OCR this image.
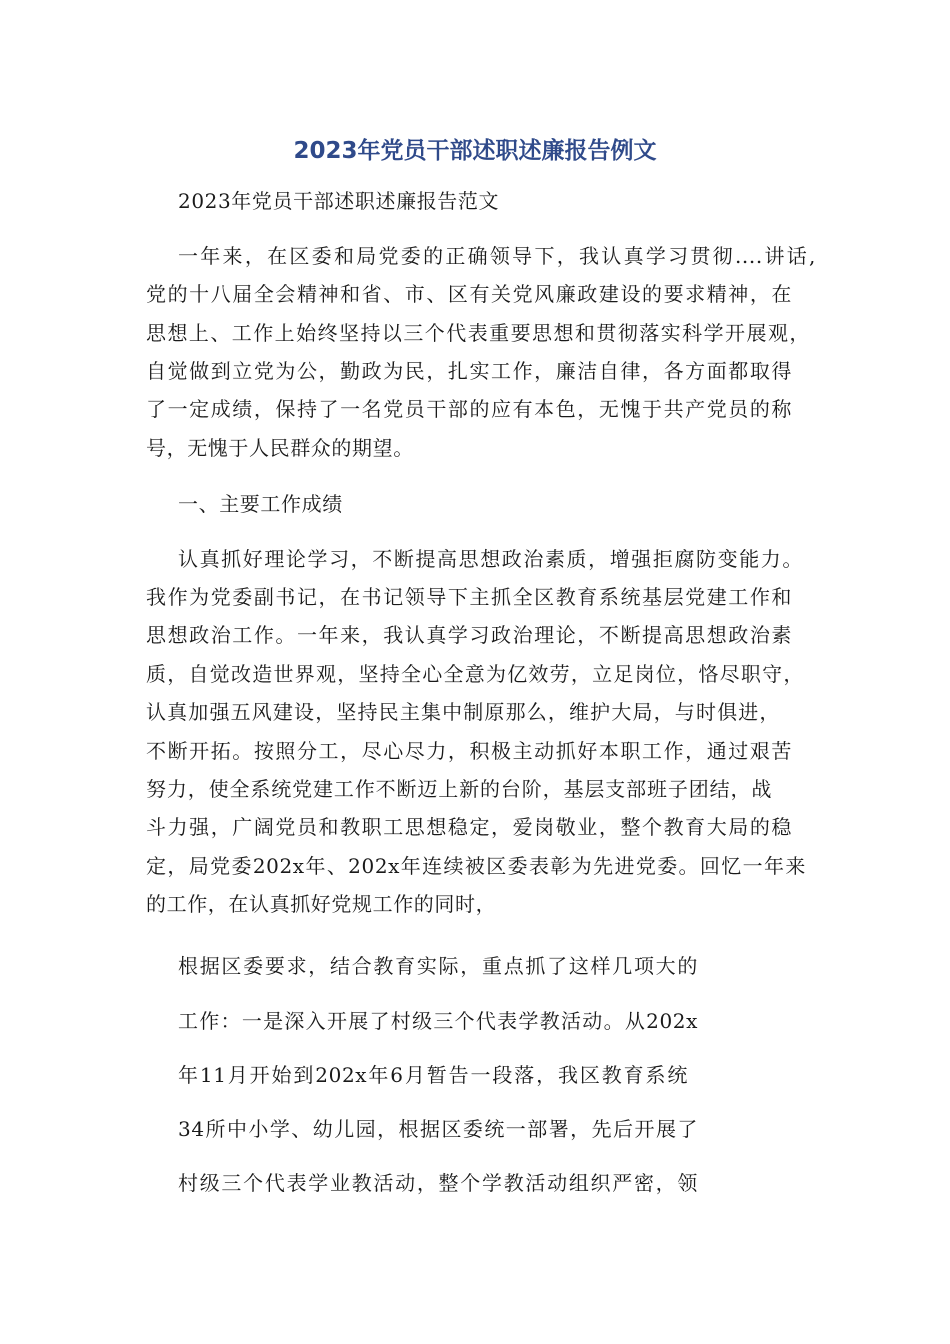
2023年党员干部述职述廉报告例文
2023年党员干部述职述廉报告范文
一年来，在区委和局党委的正确领导下，我认真学习贯彻....讲话,
党的十八届全会精神和省、市、区有关党风廉政建设的要求精神，在
思想上、工作上始终坚持以三个代表重要思想和贯彻落实科学开展观，
自觉做到立党为公，勤政为民，扎实工作，廉洁自律，各方面都取得
了一定成绩，保持了一名党员干部的应有本色，无愧于共产党员的称
号，无愧于人民群众的期望。
一、主要工作成绩
认真抓好理论学习，不断提高思想政治素质，增强拒腐防变能力。
我作为党委副书记，在书记领导下主抓全区教育系统基层党建工作和
思想政治工作。一年来，我认真学习政治理论，不断提高思想政治素
质，自觉改造世界观，坚持全心全意为亿效劳，立足岗位，恪尽职守，
认真加强五风建设，坚持民主集中制原那么，维护大局，与时俱进，
不断开拓。按照分工，尽心尽力，积极主动抓好本职工作，通过艰苦
努力，使全系统党建工作不断迈上新的台阶，基层支部班子团结，战
斗力强，广阔党员和教职工思想稳定，爱岗敬业，整个教育大局的稳
定，局党委202x年、202x年连续被区委表彰为先进党委。回忆一年来
的工作，在认真抓好党规工作的同时，
根据区委要求，结合教育实际，重点抓了这样几项大的
工作：一是深入开展了村级三个代表学教活动。从202x
年11月开始到202x年6月暂告一段落，我区教育系统
34所中小学、幼儿园，根据区委统一部署，先后开展了
村级三个代表学业教活动，整个学教活动组织严密，领
